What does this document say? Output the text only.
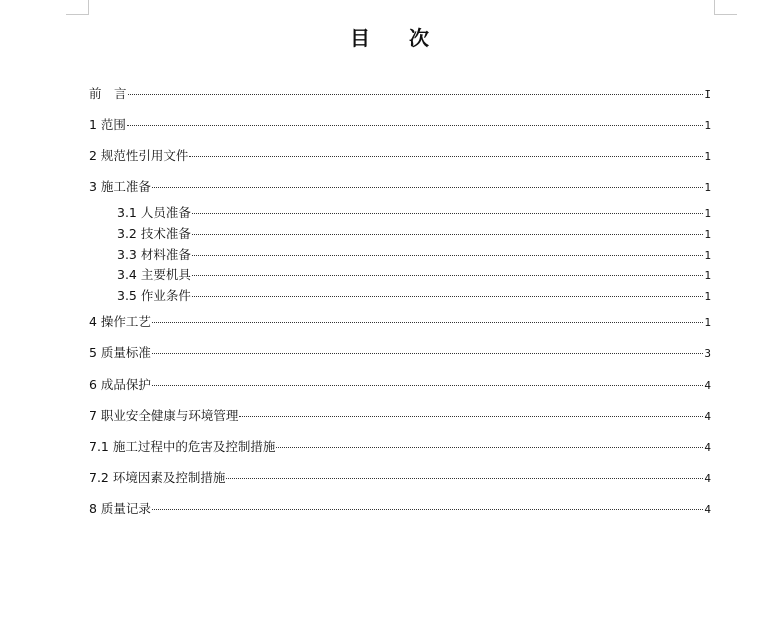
目 次
前　言	I
1 范围	1
2 规范性引用文件	1
3 施工准备	1
3.1 人员准备	1
3.2 技术准备	1
3.3 材料准备	1
3.4 主要机具	1
3.5 作业条件	1
4 操作工艺	1
5 质量标准	3
6 成品保护	4
7 职业安全健康与环境管理	4
7.1 施工过程中的危害及控制措施	4
7.2 环境因素及控制措施	4
8 质量记录	4
